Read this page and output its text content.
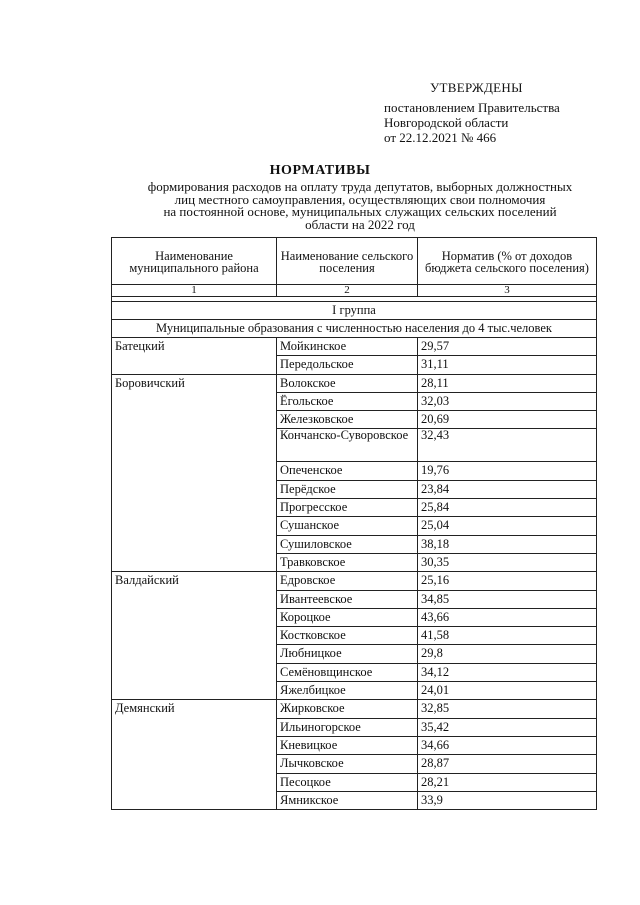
УТВЕРЖДЕНЫ
постановлением Правительства
Новгородской области
от 22.12.2021 № 466
НОРМАТИВЫ
формирования расходов на оплату труда депутатов, выборных должностных
лиц местного самоуправления, осуществляющих свои полномочия
на постоянной основе, муниципальных служащих сельских поселений
области на 2022 год
Наименование муниципального района	Наименование сельского поселения	Норматив (% от доходов бюджета сельского поселения)
1	2	3

I группа		
Муниципальные образования с численностью населения до 4 тыс.человек		
Батецкий	Мойкинское	29,57
	Передольское	31,11
Боровичский	Волокское	28,11
	Ёгольское	32,03
	Железковское	20,69
	Кончанско-Суворовское	32,43
	Опеченское	19,76
	Перёдское	23,84
	Прогресское	25,84
	Сушанское	25,04
	Сушиловское	38,18
	Травковское	30,35
Валдайский	Едровское	25,16
	Ивантеевское	34,85
	Короцкое	43,66
	Костковское	41,58
	Любницкое	29,8
	Семёновщинское	34,12
	Яжелбицкое	24,01
Демянский	Жирковское	32,85
	Ильиногорское	35,42
	Кневицкое	34,66
	Лычковское	28,87
	Песоцкое	28,21
	Ямникское	33,9
